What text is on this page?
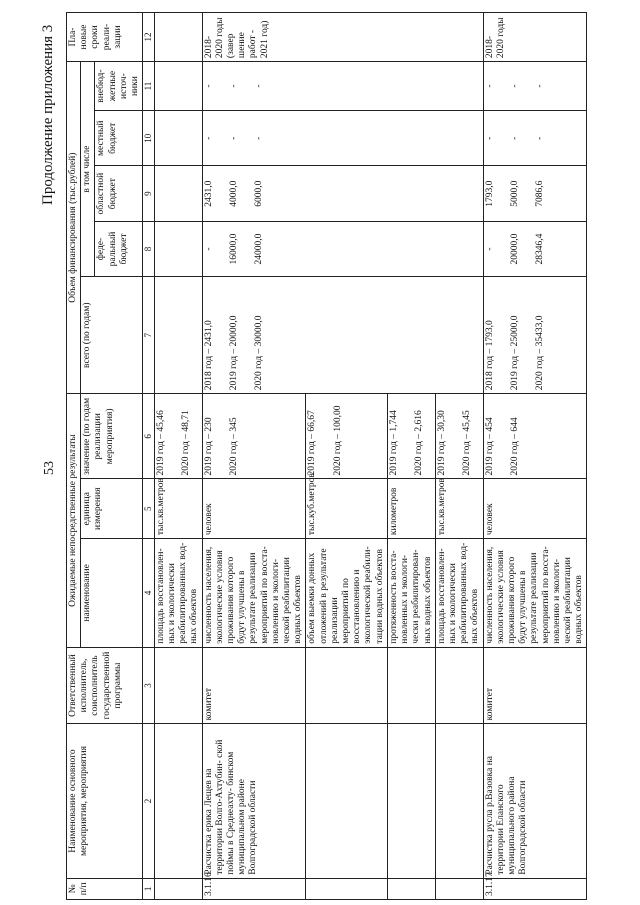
53
Продолжение приложения 3
№ п/п	Наименование основного мероприятия, мероприятия	Ответственный исполнитель, соисполнитель государственной программы	Ожидаемые непосредственные результаты			Объем финансирования (тыс.рублей)					Пла-новые сроки реали-зации
			наименование	единица измерения	значение (по годам реализации мероприятия)	всего (по годам)	в том числе				
							феде-ральный бюджет	областной бюджет	местный бюджет	внебюд-жетные источ-ники	
1	2	3	4	5	6	7	8	9	10	11	12
			площадь восстановлен- ных и экологически реабилитированных вод- ных объектов	тыс.кв.метров	2019 год – 45,46 2020 год – 48,71						

3.1.16.	Расчистка ерика Лещев на территории Волго-Ахтубин- ской поймы в Среднеахту- бинском муниципальном районе Волгоградской области	комитет	численность населения, экологические условия проживания которого будут улучшены в результате реализации мероприятий по восста- новлению и экологи- ческой реабилитации водных объектов	человек	2019 год – 230 2020 год – 345	2018 год – 2431,0 2019 год – 20000,0 2020 год – 30000,0	- 16000,0 24000,0	2431,0 4000,0 6000,0	- - -	- - -	2018- 2020 годы (завер шение работ - 2021 год)
			объем выемки донных отложений в результате реализации мероприятий по восстановлению и экологической реабили- тации водных объектов	тыс.куб.метров	2019 год – 66,67 2020 год – 100,00						

			протяженность восста- новленных и экологи- чески реабилитирован- ных водных объектов	километров	2019 год – 1,744 2020 год – 2,616						

			площадь восстановлен- ных и экологически реабилитированных вод- ных объектов	тыс.кв.метров	2019 год – 30,30 2020 год – 45,45						

3.1.17.	Расчистка русла р.Вазовка на территории Еланского муниципального района Волгоградской области	комитет	численность населения, экологические условия проживания которого будут улучшены в результате реализации мероприятий по восста- новлению и экологи- ческой реабилитации водных объектов	человек	2019 год – 454 2020 год – 644	2018 год – 1793,0 2019 год – 25000,0 2020 год – 35433,0	- 20000,0 28346,4	1793,0 5000,0 7086,6	- - -	- - -	2018- 2020 годы
